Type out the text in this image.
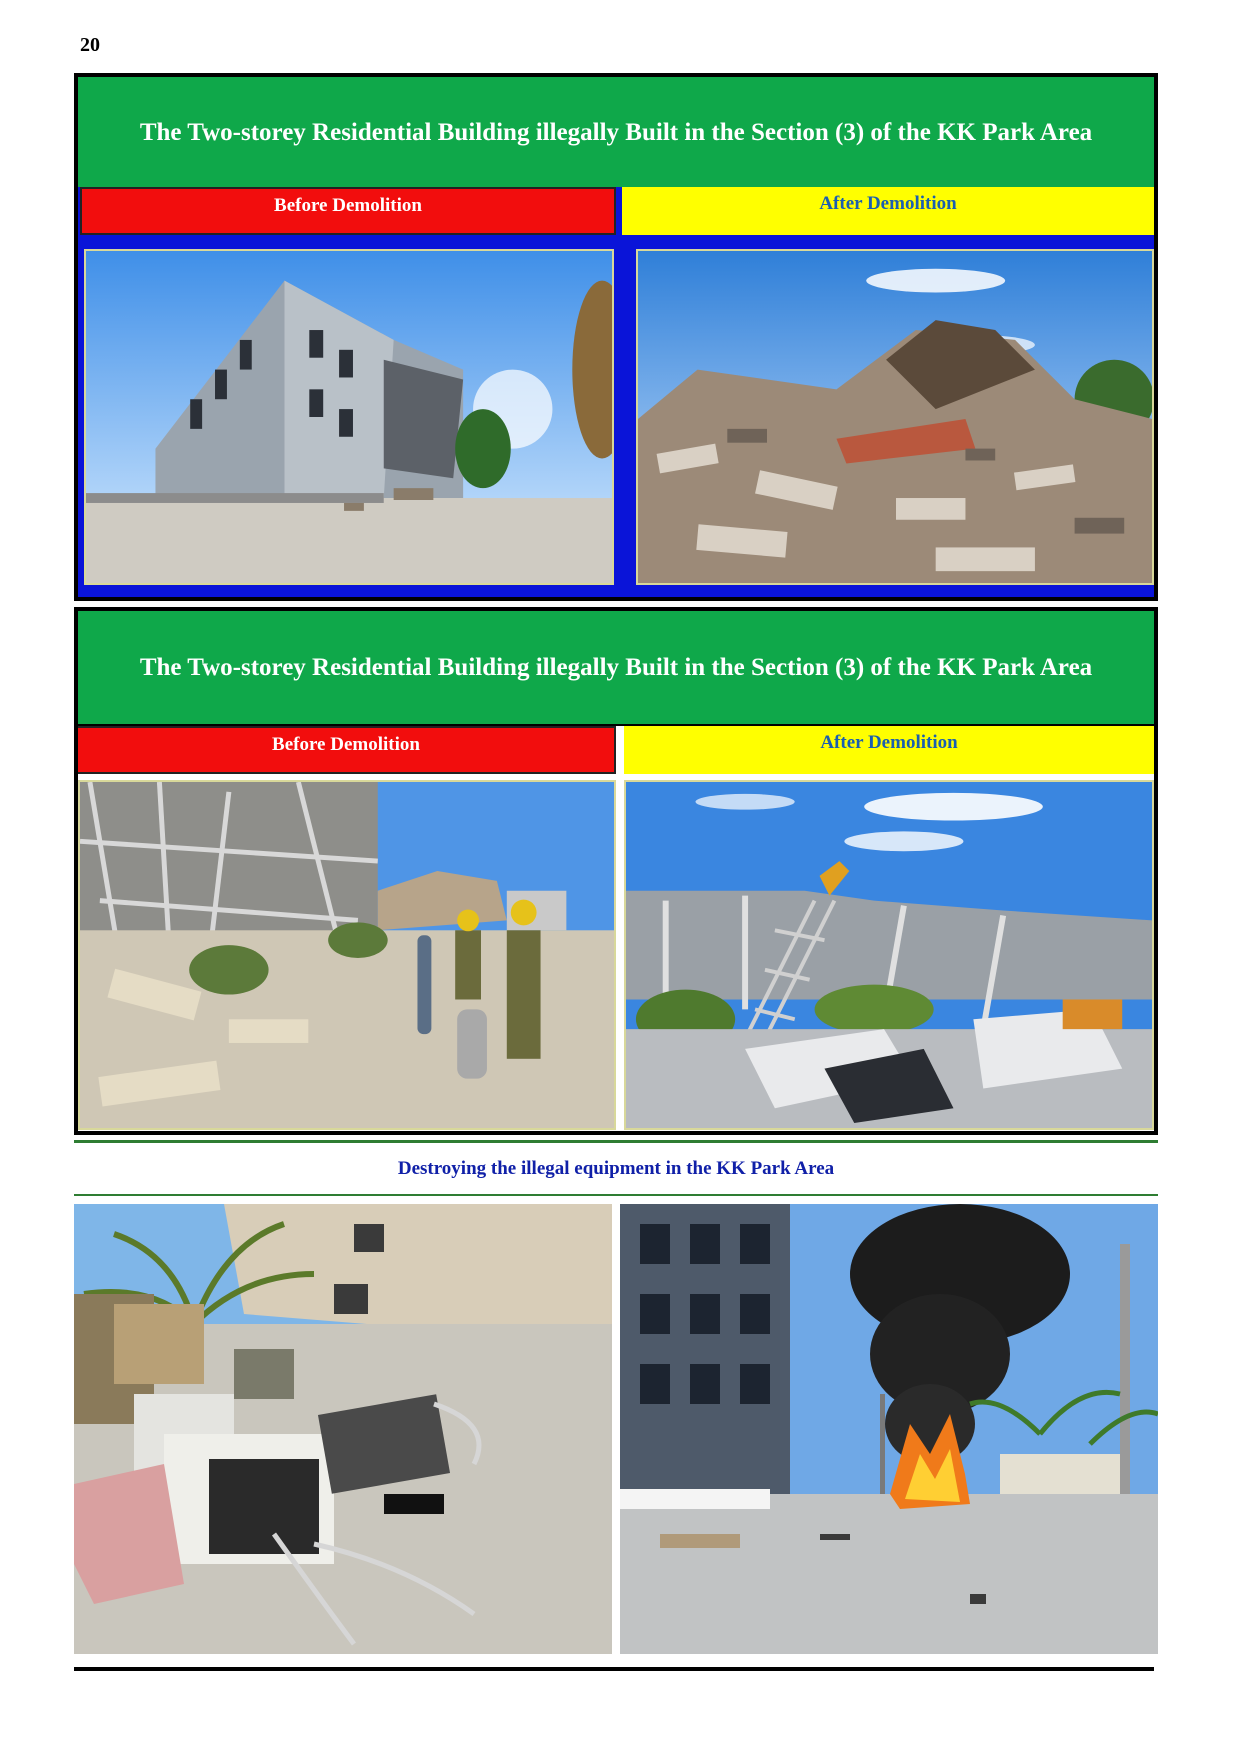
20
The Two-storey Residential Building illegally Built in the Section (3) of the KK Park Area
Before Demolition	After Demolition
The Two-storey Residential Building illegally Built in the Section (3) of the KK Park Area
Before Demolition	After Demolition
Destroying the illegal equipment in the KK Park Area
